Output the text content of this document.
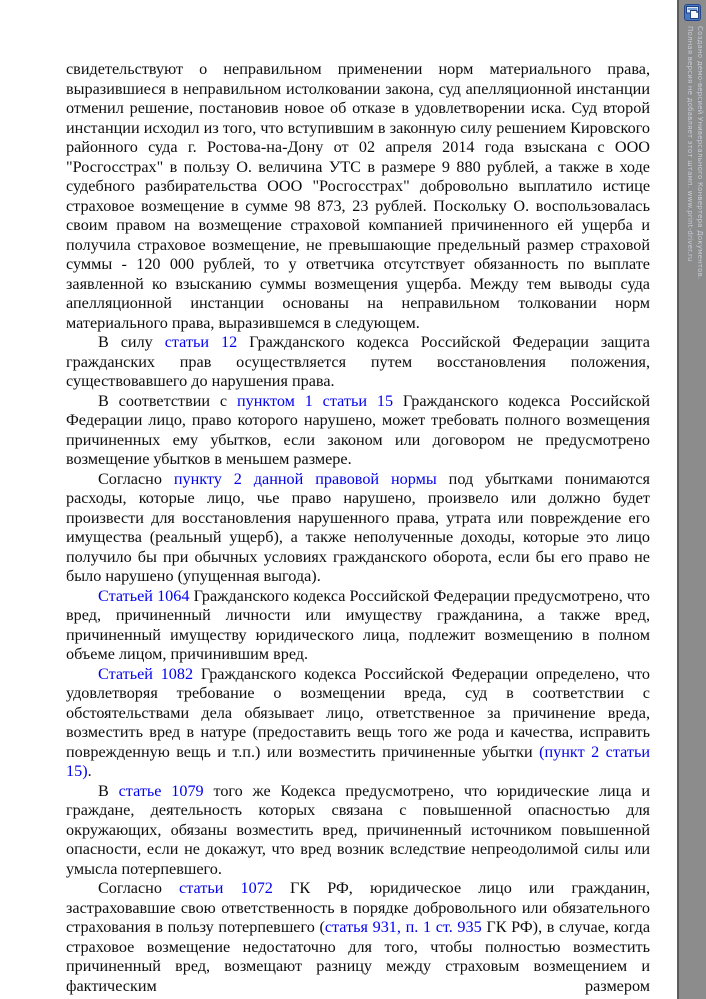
свидетельствуют о неправильном применении норм материального права, выразившиеся в неправильном истолковании закона, суд апелляционной инстанции отменил решение, постановив новое об отказе в удовлетворении иска. Суд второй инстанции исходил из того, что вступившим в законную силу решением Кировского районного суда г. Ростова-на-Дону от 02 апреля 2014 года взыскана с ООО "Росгосстрах" в пользу О. величина УТС в размере 9 880 рублей, а также в ходе судебного разбирательства ООО "Росгосстрах" добровольно выплатило истице страховое возмещение в сумме 98 873, 23 рублей. Поскольку О. воспользовалась своим правом на возмещение страховой компанией причиненного ей ущерба и получила страховое возмещение, не превышающие предельный размер страховой суммы - 120 000 рублей, то у ответчика отсутствует обязанность по выплате заявленной ко взысканию суммы возмещения ущерба. Между тем выводы суда апелляционной инстанции основаны на неправильном толковании норм материального права, выразившемся в следующем.

В силу статьи 12 Гражданского кодекса Российской Федерации защита гражданских прав осуществляется путем восстановления положения, существовавшего до нарушения права.

В соответствии с пунктом 1 статьи 15 Гражданского кодекса Российской Федерации лицо, право которого нарушено, может требовать полного возмещения причиненных ему убытков, если законом или договором не предусмотрено возмещение убытков в меньшем размере.

Согласно пункту 2 данной правовой нормы под убытками понимаются расходы, которые лицо, чье право нарушено, произвело или должно будет произвести для восстановления нарушенного права, утрата или повреждение его имущества (реальный ущерб), а также неполученные доходы, которые это лицо получило бы при обычных условиях гражданского оборота, если бы его право не было нарушено (упущенная выгода).

Статьей 1064 Гражданского кодекса Российской Федерации предусмотрено, что вред, причиненный личности или имуществу гражданина, а также вред, причиненный имуществу юридического лица, подлежит возмещению в полном объеме лицом, причинившим вред.

Статьей 1082 Гражданского кодекса Российской Федерации определено, что удовлетворяя требование о возмещении вреда, суд в соответствии с обстоятельствами дела обязывает лицо, ответственное за причинение вреда, возместить вред в натуре (предоставить вещь того же рода и качества, исправить поврежденную вещь и т.п.) или возместить причиненные убытки (пункт 2 статьи 15).

В статье 1079 того же Кодекса предусмотрено, что юридические лица и граждане, деятельность которых связана с повышенной опасностью для окружающих, обязаны возместить вред, причиненный источником повышенной опасности, если не докажут, что вред возник вследствие непреодолимой силы или умысла потерпевшего.

Согласно статьи 1072 ГК РФ, юридическое лицо или гражданин, застраховавшие свою ответственность в порядке добровольного или обязательного страхования в пользу потерпевшего (статья 931, п. 1 ст. 935 ГК РФ), в случае, когда страховое возмещение недостаточно для того, чтобы полностью возместить причиненный вред, возмещают разницу между страховым возмещением и фактическим размером

Создано демо-версией Универсального Конвертера Документов.
Полная версия не добавляет этот штамп. www.print-driver.ru
